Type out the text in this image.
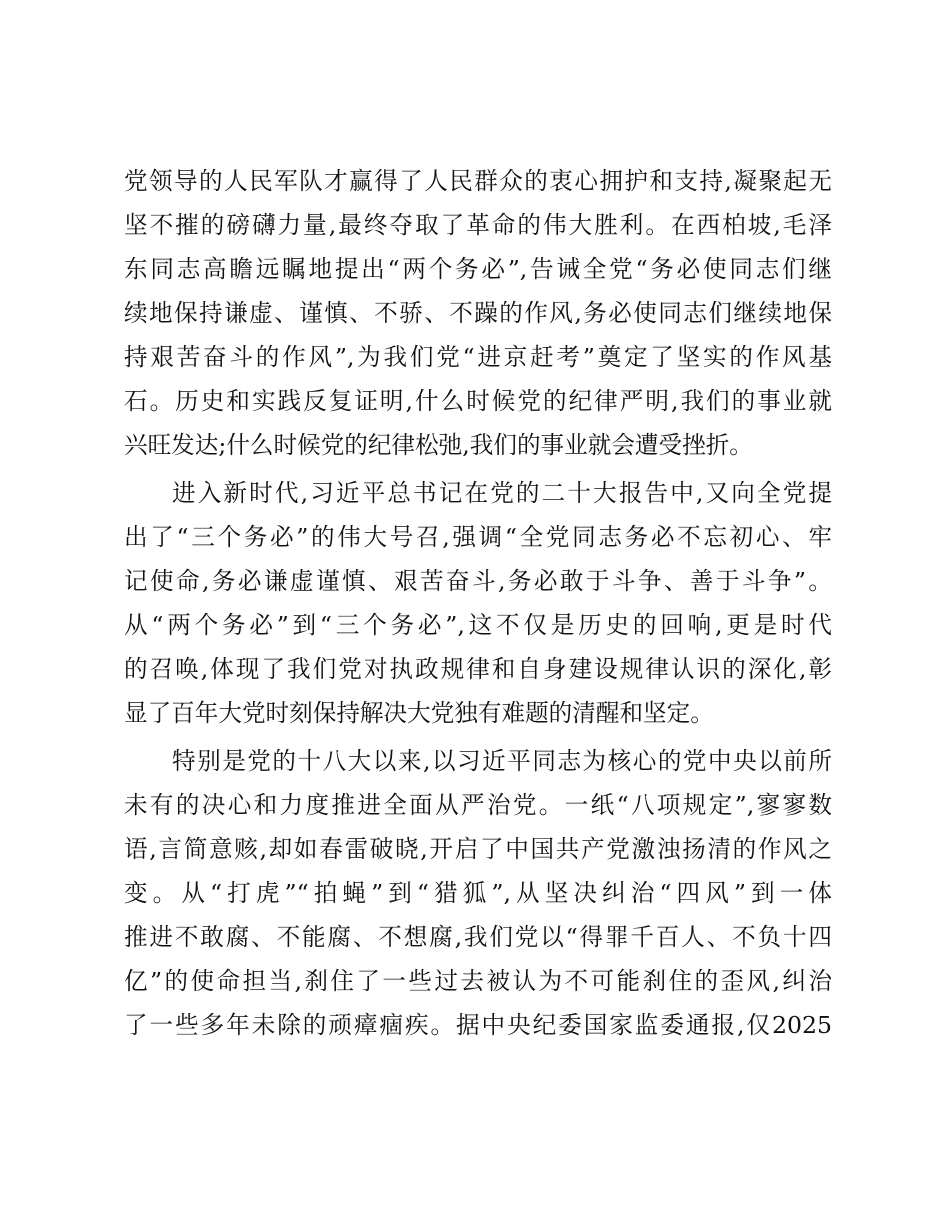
党领导的人民军队才赢得了人民群众的衷心拥护和支持,凝聚起无
坚不摧的磅礴力量,最终夺取了革命的伟大胜利。在西柏坡,毛泽
东同志高瞻远瞩地提出“两个务必”,告诫全党“务必使同志们继
续地保持谦虚、谨慎、不骄、不躁的作风,务必使同志们继续地保
持艰苦奋斗的作风”,为我们党“进京赶考”奠定了坚实的作风基
石。历史和实践反复证明,什么时候党的纪律严明,我们的事业就
兴旺发达;什么时候党的纪律松弛,我们的事业就会遭受挫折。
进入新时代,习近平总书记在党的二十大报告中,又向全党提
出了“三个务必”的伟大号召,强调“全党同志务必不忘初心、牢
记使命,务必谦虚谨慎、艰苦奋斗,务必敢于斗争、善于斗争”。
从“两个务必”到“三个务必”,这不仅是历史的回响,更是时代
的召唤,体现了我们党对执政规律和自身建设规律认识的深化,彰
显了百年大党时刻保持解决大党独有难题的清醒和坚定。
特别是党的十八大以来,以习近平同志为核心的党中央以前所
未有的决心和力度推进全面从严治党。一纸“八项规定”,寥寥数
语,言简意赅,却如春雷破晓,开启了中国共产党激浊扬清的作风之
变。从“打虎”“拍蝇”到“猎狐”,从坚决纠治“四风”到一体
推进不敢腐、不能腐、不想腐,我们党以“得罪千百人、不负十四
亿”的使命担当,刹住了一些过去被认为不可能刹住的歪风,纠治
了一些多年未除的顽瘴痼疾。据中央纪委国家监委通报,仅2025
